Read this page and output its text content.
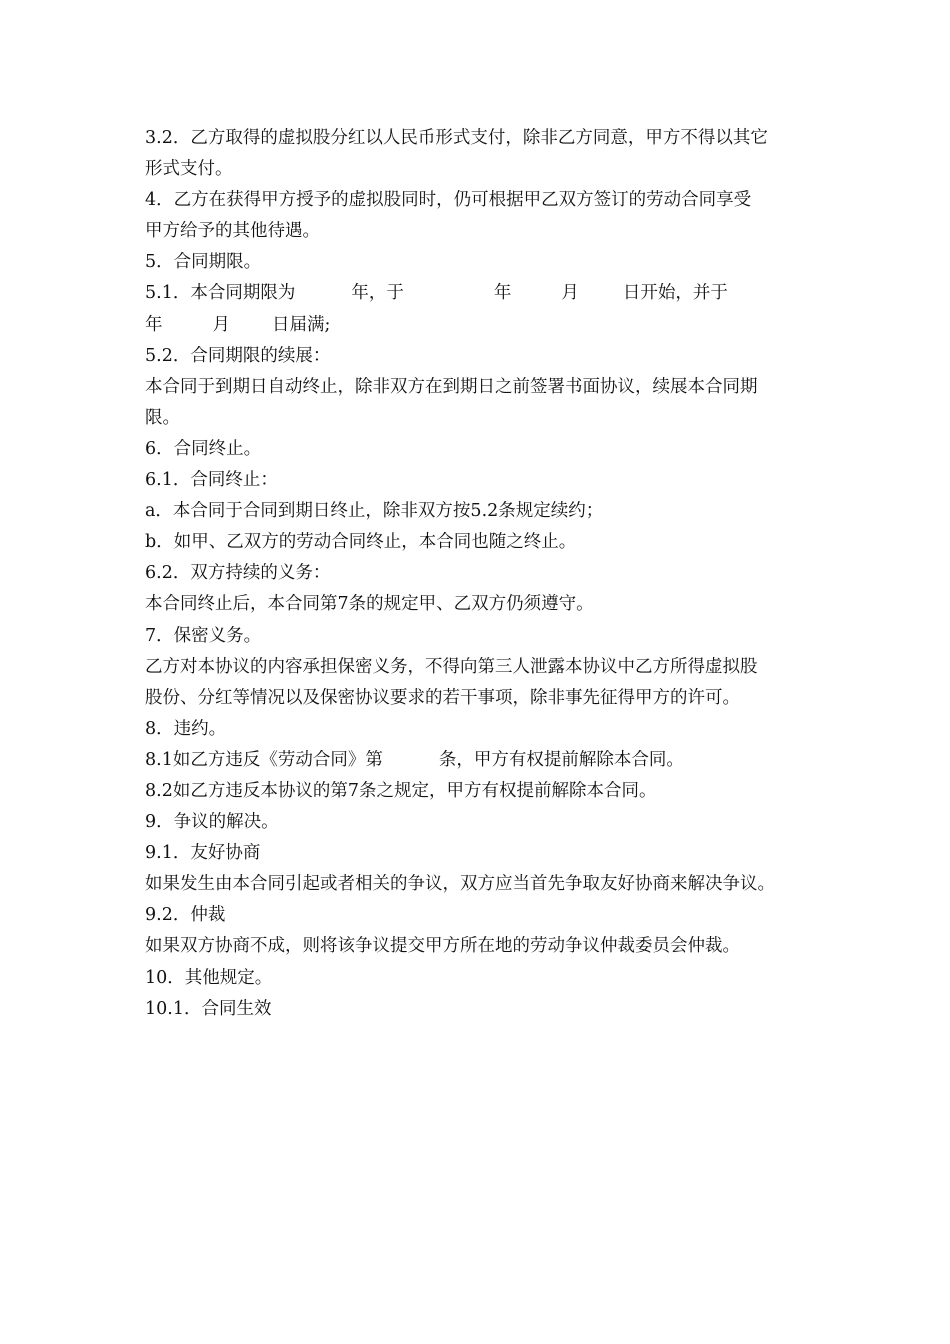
3.2．乙方取得的虚拟股分红以人民币形式支付，除非乙方同意，甲方不得以其它
形式支付。
4．乙方在获得甲方授予的虚拟股同时，仍可根据甲乙双方签订的劳动合同享受
甲方给予的其他待遇。
5．合同期限。
5.1．本合同期限为	年，于	年	月	日开始，并于
年	月 日届满;
5.2．合同期限的续展：
本合同于到期日自动终止，除非双方在到期日之前签署书面协议，续展本合同期
限。
6．合同终止。
6.1．合同终止：
a．本合同于合同到期日终止，除非双方按5.2条规定续约；
b．如甲、乙双方的劳动合同终止，本合同也随之终止。
6.2．双方持续的义务：
本合同终止后，本合同第7条的规定甲、乙双方仍须遵守。
7．保密义务。
乙方对本协议的内容承担保密义务，不得向第三人泄露本协议中乙方所得虚拟股
股份、分红等情况以及保密协议要求的若干事项，除非事先征得甲方的许可。
8．违约。
8.1如乙方违反《劳动合同》第	条，甲方有权提前解除本合同。
8.2如乙方违反本协议的第7条之规定，甲方有权提前解除本合同。
9．争议的解决。
9.1．友好协商
如果发生由本合同引起或者相关的争议，双方应当首先争取友好协商来解决争议。
9.2．仲裁
如果双方协商不成，则将该争议提交甲方所在地的劳动争议仲裁委员会仲裁。
10．其他规定。
10.1．合同生效
